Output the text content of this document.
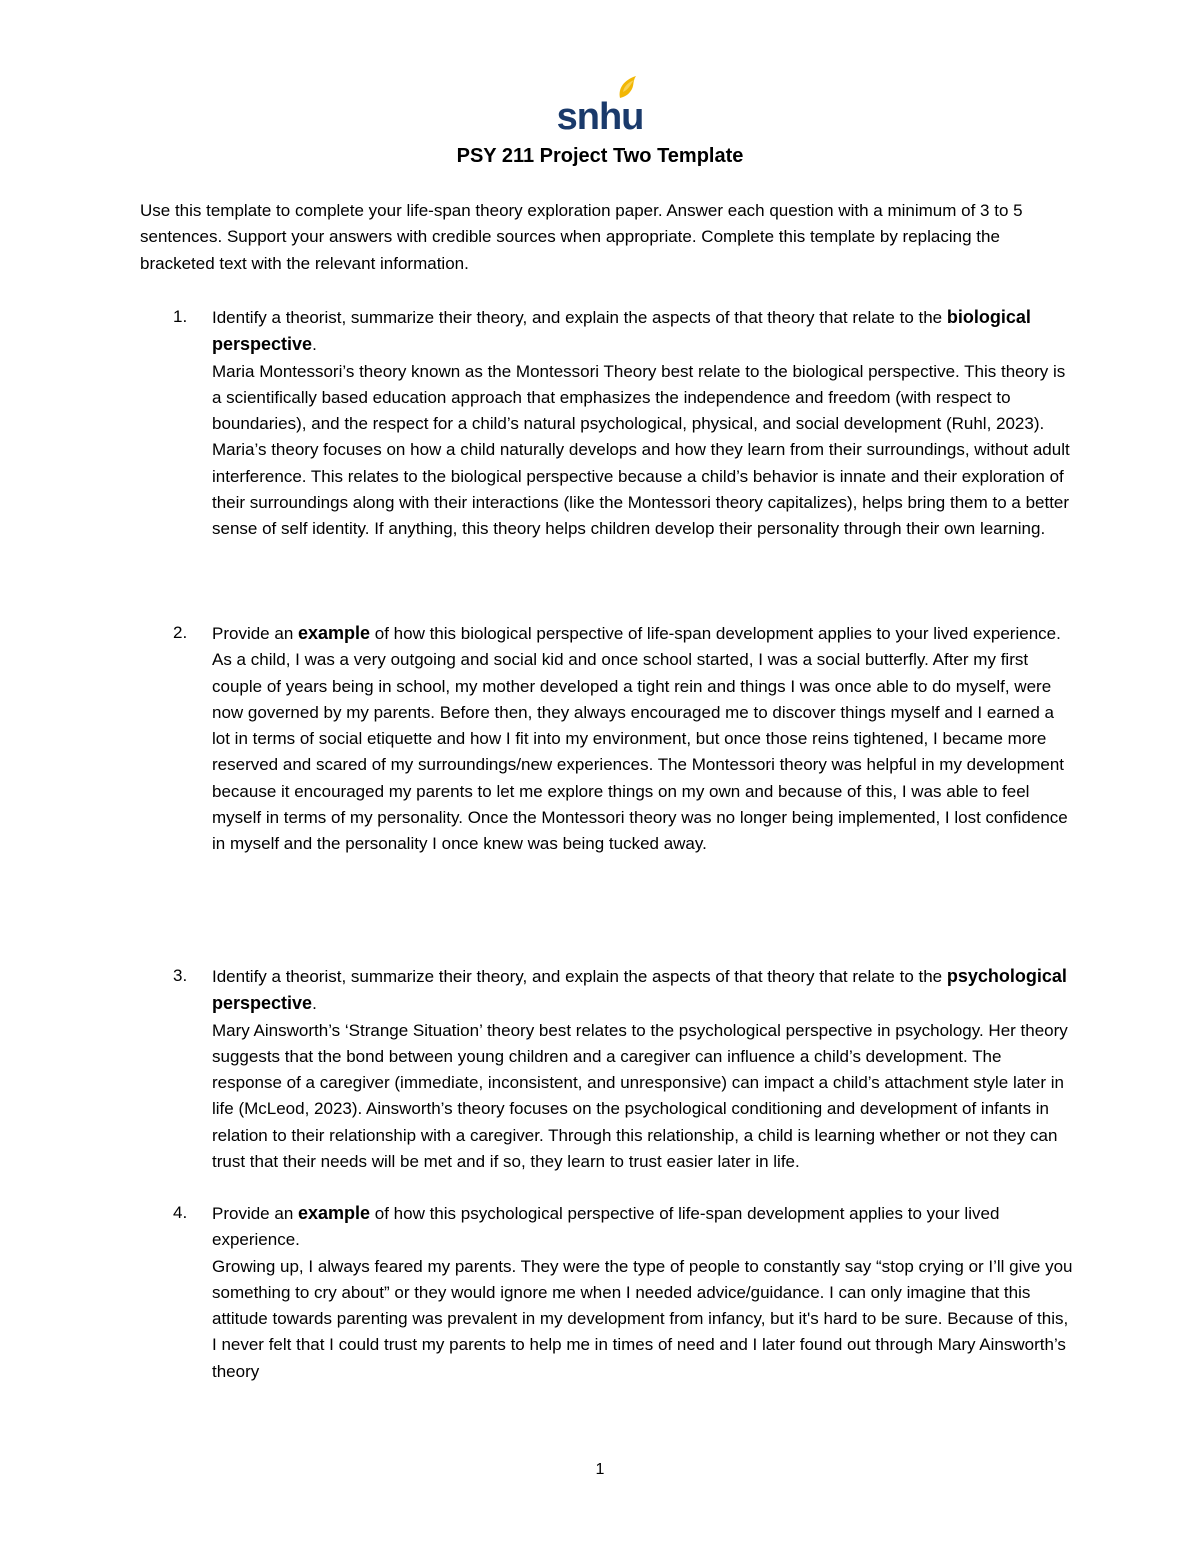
snhu
PSY 211 Project Two Template
Use this template to complete your life-span theory exploration paper. Answer each question with a minimum of 3 to 5 sentences. Support your answers with credible sources when appropriate. Complete this template by replacing the bracketed text with the relevant information.
1. Identify a theorist, summarize their theory, and explain the aspects of that theory that relate to the biological perspective.

Maria Montessori’s theory known as the Montessori Theory best relate to the biological perspective. This theory is a scientifically based education approach that emphasizes the independence and freedom (with respect to boundaries), and the respect for a child’s natural psychological, physical, and social development (Ruhl, 2023). Maria’s theory focuses on how a child naturally develops and how they learn from their surroundings, without adult interference. This relates to the biological perspective because a child’s behavior is innate and their exploration of their surroundings along with their interactions (like the Montessori theory capitalizes), helps bring them to a better sense of self identity. If anything, this theory helps children develop their personality through their own learning.

2. Provide an example of how this biological perspective of life-span development applies to your lived experience.

As a child, I was a very outgoing and social kid and once school started, I was a social butterfly. After my first couple of years being in school, my mother developed a tight rein and things I was once able to do myself, were now governed by my parents. Before then, they always encouraged me to discover things myself and I earned a lot in terms of social etiquette and how I fit into my environment, but once those reins tightened, I became more reserved and scared of my surroundings/new experiences. The Montessori theory was helpful in my development because it encouraged my parents to let me explore things on my own and because of this, I was able to feel myself in terms of my personality. Once the Montessori theory was no longer being implemented, I lost confidence in myself and the personality I once knew was being tucked away.

3. Identify a theorist, summarize their theory, and explain the aspects of that theory that relate to the psychological perspective.

Mary Ainsworth’s ‘Strange Situation’ theory best relates to the psychological perspective in psychology. Her theory suggests that the bond between young children and a caregiver can influence a child’s development. The response of a caregiver (immediate, inconsistent, and unresponsive) can impact a child’s attachment style later in life (McLeod, 2023). Ainsworth’s theory focuses on the psychological conditioning and development of infants in relation to their relationship with a caregiver. Through this relationship, a child is learning whether or not they can trust that their needs will be met and if so, they learn to trust easier later in life.

4. Provide an example of how this psychological perspective of life-span development applies to your lived experience.

Growing up, I always feared my parents. They were the type of people to constantly say “stop crying or I’ll give you something to cry about” or they would ignore me when I needed advice/guidance. I can only imagine that this attitude towards parenting was prevalent in my development from infancy, but it's hard to be sure. Because of this, I never felt that I could trust my parents to help me in times of need and I later found out through Mary Ainsworth’s theory

1
